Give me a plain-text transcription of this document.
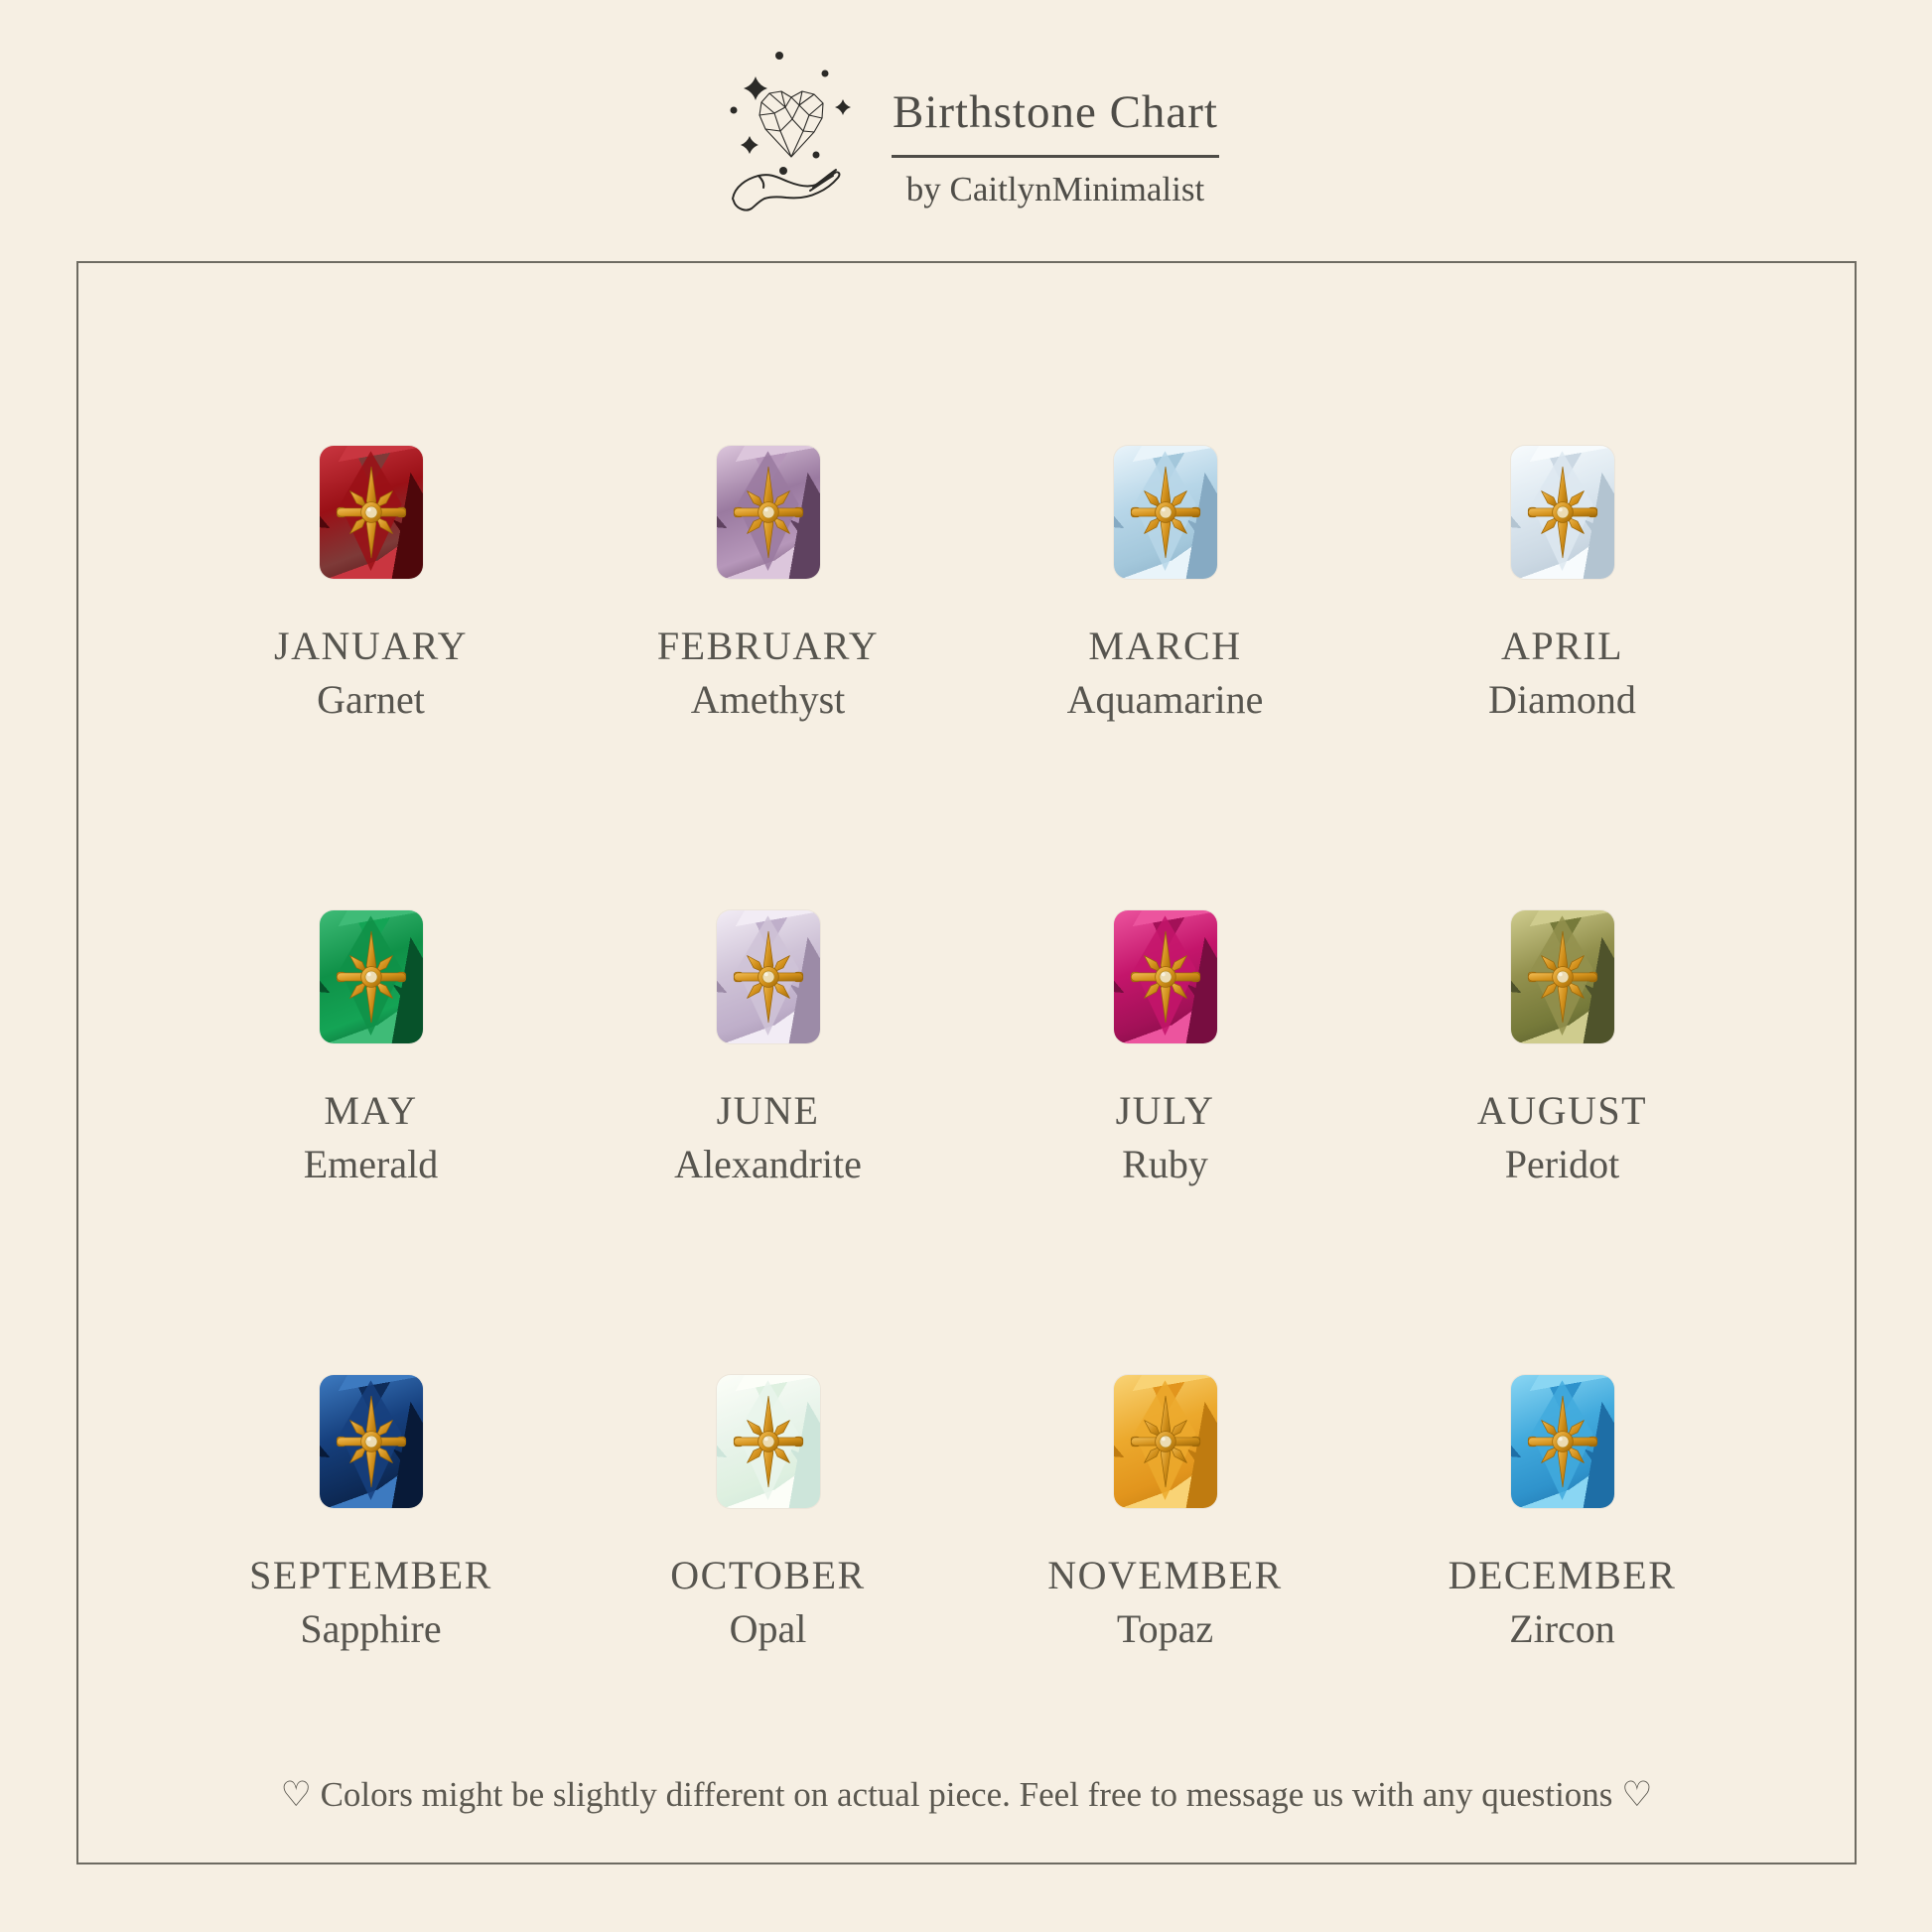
Birthstone Chart
by CaitlynMinimalist
JANUARY
Garnet
FEBRUARY
Amethyst
MARCH
Aquamarine
APRIL
Diamond
MAY
Emerald
JUNE
Alexandrite
JULY
Ruby
AUGUST
Peridot
SEPTEMBER
Sapphire
OCTOBER
Opal
NOVEMBER
Topaz
DECEMBER
Zircon
♡ Colors might be slightly different on actual piece. Feel free to message us with any questions ♡
